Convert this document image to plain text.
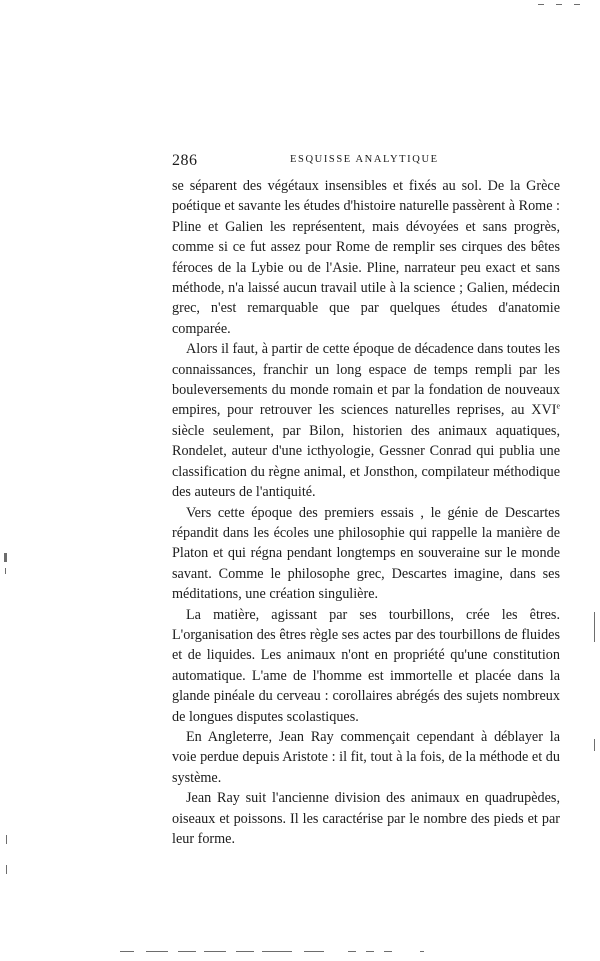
286	ESQUISSE ANALYTIQUE

se séparent des végétaux insensibles et fixés au sol. De la Grèce poétique et savante les études d'histoire naturelle passèrent à Rome : Pline et Galien les représentent, mais dévoyées et sans progrès, comme si ce fut assez pour Rome de remplir ses cirques des bêtes féroces de la Lybie ou de l'Asie. Pline, narrateur peu exact et sans méthode, n'a laissé aucun travail utile à la science ; Galien, médecin grec, n'est remarquable que par quelques études d'anatomie comparée.

Alors il faut, à partir de cette époque de décadence dans toutes les connaissances, franchir un long espace de temps rempli par les bouleversements du monde romain et par la fondation de nouveaux empires, pour retrouver les sciences naturelles reprises, au XVIe siècle seulement, par Bilon, historien des animaux aquatiques, Rondelet, auteur d'une icthyologie, Gessner Conrad qui publia une classification du règne animal, et Jonsthon, compilateur méthodique des auteurs de l'antiquité.

Vers cette époque des premiers essais , le génie de Descartes répandit dans les écoles une philosophie qui rappelle la manière de Platon et qui régna pendant longtemps en souveraine sur le monde savant. Comme le philosophe grec, Descartes imagine, dans ses méditations, une création singulière.

La matière, agissant par ses tourbillons, crée les êtres. L'organisation des êtres règle ses actes par des tourbillons de fluides et de liquides. Les animaux n'ont en propriété qu'une constitution automatique. L'ame de l'homme est immortelle et placée dans la glande pinéale du cerveau : corollaires abrégés des sujets nombreux de longues disputes scolastiques.

En Angleterre, Jean Ray commençait cependant à déblayer la voie perdue depuis Aristote : il fit, tout à la fois, de la méthode et du système.

Jean Ray suit l'ancienne division des animaux en quadrupèdes, oiseaux et poissons. Il les caractérise par le nombre des pieds et par leur forme.
